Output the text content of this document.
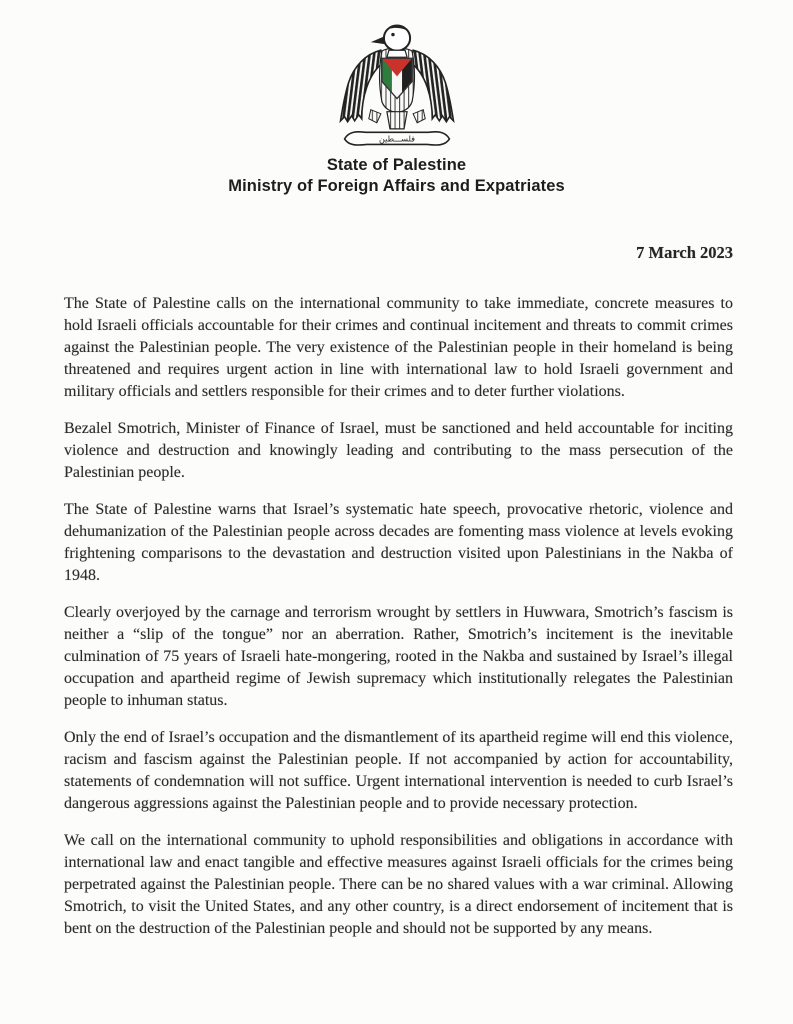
فلســـطين
State of Palestine
Ministry of Foreign Affairs and Expatriates
7 March 2023

The State of Palestine calls on the international community to take immediate, concrete measures to hold Israeli officials accountable for their crimes and continual incitement and threats to commit crimes against the Palestinian people. The very existence of the Palestinian people in their homeland is being threatened and requires urgent action in line with international law to hold Israeli government and military officials and settlers responsible for their crimes and to deter further violations.

Bezalel Smotrich, Minister of Finance of Israel, must be sanctioned and held accountable for inciting violence and destruction and knowingly leading and contributing to the mass persecution of the Palestinian people.

The State of Palestine warns that Israel’s systematic hate speech, provocative rhetoric, violence and dehumanization of the Palestinian people across decades are fomenting mass violence at levels evoking frightening comparisons to the devastation and destruction visited upon Palestinians in the Nakba of 1948.

Clearly overjoyed by the carnage and terrorism wrought by settlers in Huwwara, Smotrich’s fascism is neither a “slip of the tongue” nor an aberration. Rather, Smotrich’s incitement is the inevitable culmination of 75 years of Israeli hate-mongering, rooted in the Nakba and sustained by Israel’s illegal occupation and apartheid regime of Jewish supremacy which institutionally relegates the Palestinian people to inhuman status.

Only the end of Israel’s occupation and the dismantlement of its apartheid regime will end this violence, racism and fascism against the Palestinian people. If not accompanied by action for accountability, statements of condemnation will not suffice. Urgent international intervention is needed to curb Israel’s dangerous aggressions against the Palestinian people and to provide necessary protection.

We call on the international community to uphold responsibilities and obligations in accordance with international law and enact tangible and effective measures against Israeli officials for the crimes being perpetrated against the Palestinian people. There can be no shared values with a war criminal. Allowing Smotrich, to visit the United States, and any other country, is a direct endorsement of incitement that is bent on the destruction of the Palestinian people and should not be supported by any means.
